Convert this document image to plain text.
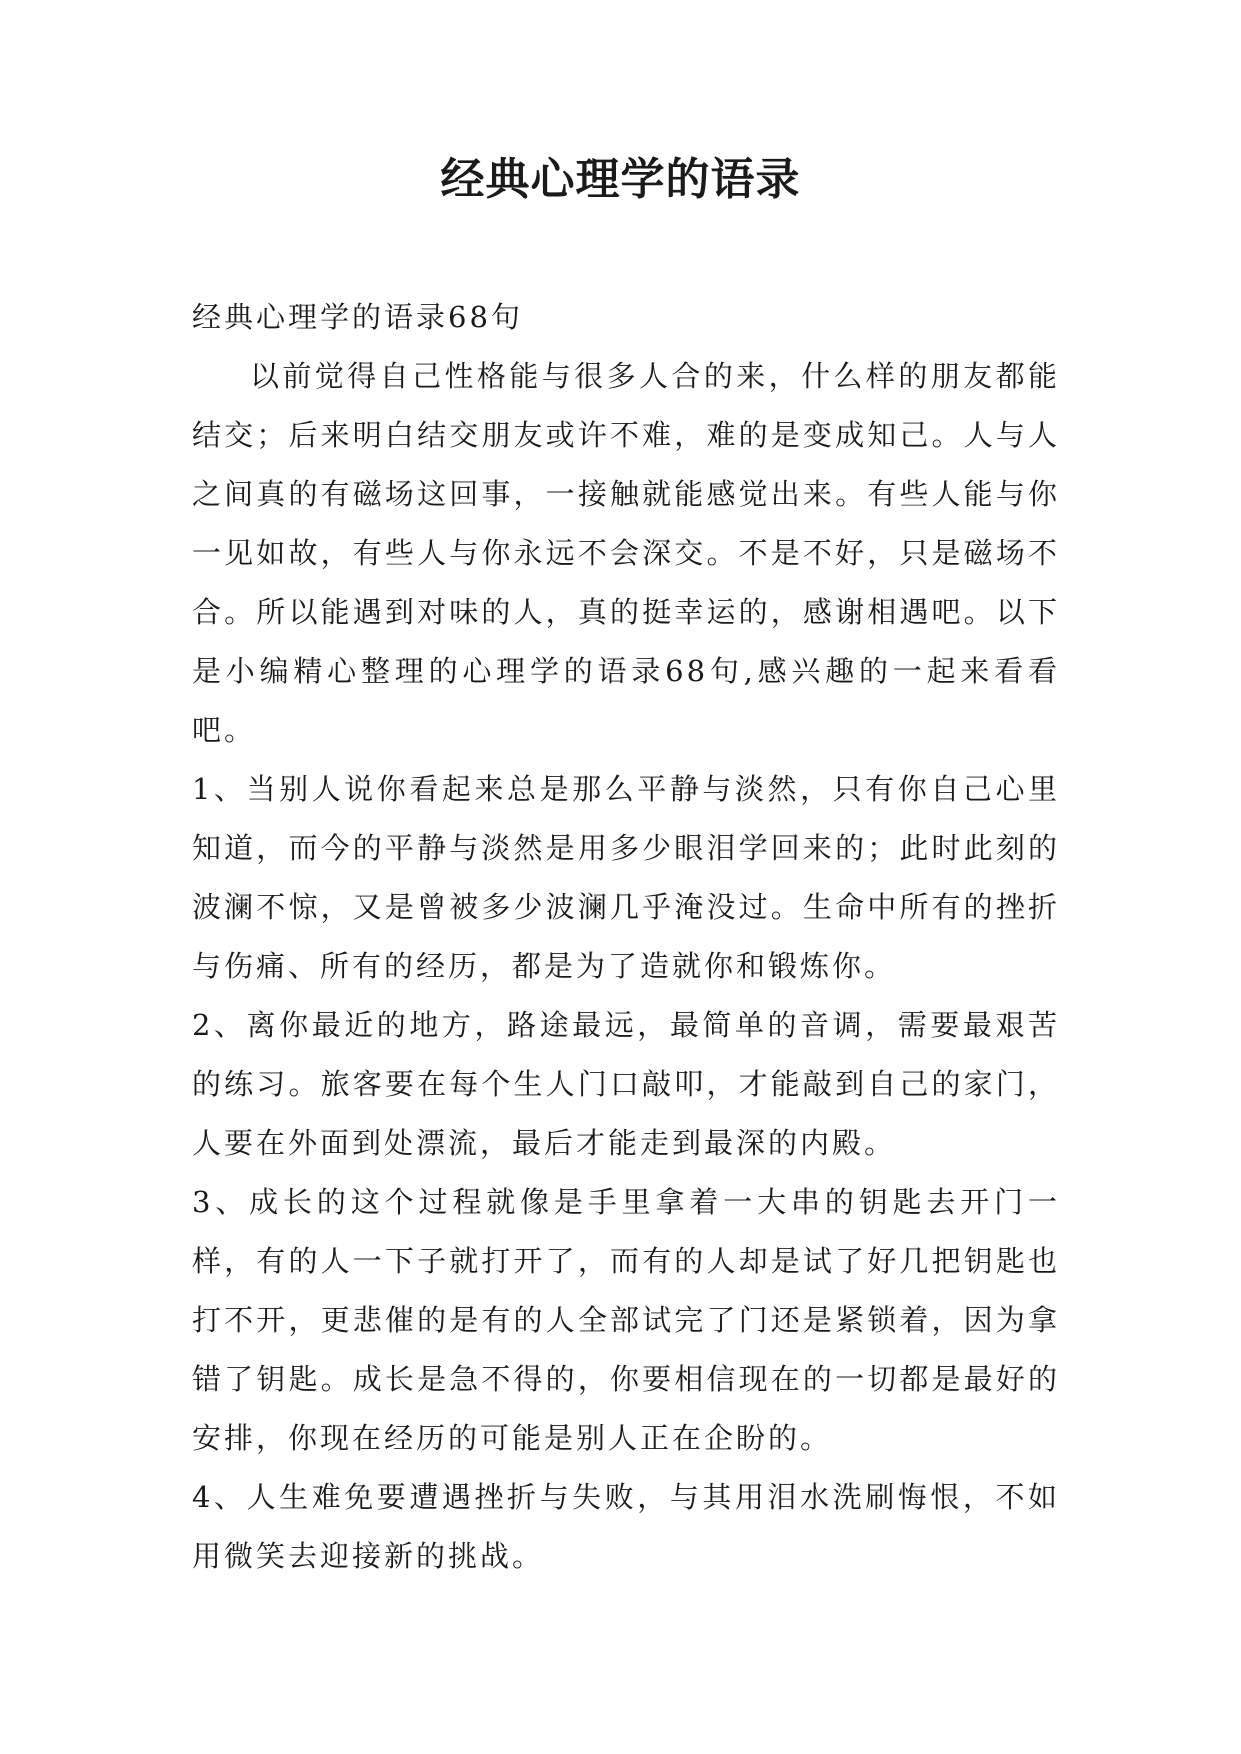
经典心理学的语录

经典心理学的语录68句

以前觉得自己性格能与很多人合的来，什么样的朋友都能结交；后来明白结交朋友或许不难，难的是变成知己。人与人之间真的有磁场这回事，一接触就能感觉出来。有些人能与你一见如故，有些人与你永远不会深交。不是不好，只是磁场不合。所以能遇到对味的人，真的挺幸运的，感谢相遇吧。以下是小编精心整理的心理学的语录68句,感兴趣的一起来看看吧。

1、当别人说你看起来总是那么平静与淡然，只有你自己心里知道，而今的平静与淡然是用多少眼泪学回来的；此时此刻的波澜不惊，又是曾被多少波澜几乎淹没过。生命中所有的挫折与伤痛、所有的经历，都是为了造就你和锻炼你。

2、离你最近的地方，路途最远，最简单的音调，需要最艰苦的练习。旅客要在每个生人门口敲叩，才能敲到自己的家门，人要在外面到处漂流，最后才能走到最深的内殿。

3、成长的这个过程就像是手里拿着一大串的钥匙去开门一样，有的人一下子就打开了，而有的人却是试了好几把钥匙也打不开，更悲催的是有的人全部试完了门还是紧锁着，因为拿错了钥匙。成长是急不得的，你要相信现在的一切都是最好的安排，你现在经历的可能是别人正在企盼的。

4、人生难免要遭遇挫折与失败，与其用泪水洗刷悔恨，不如用微笑去迎接新的挑战。
